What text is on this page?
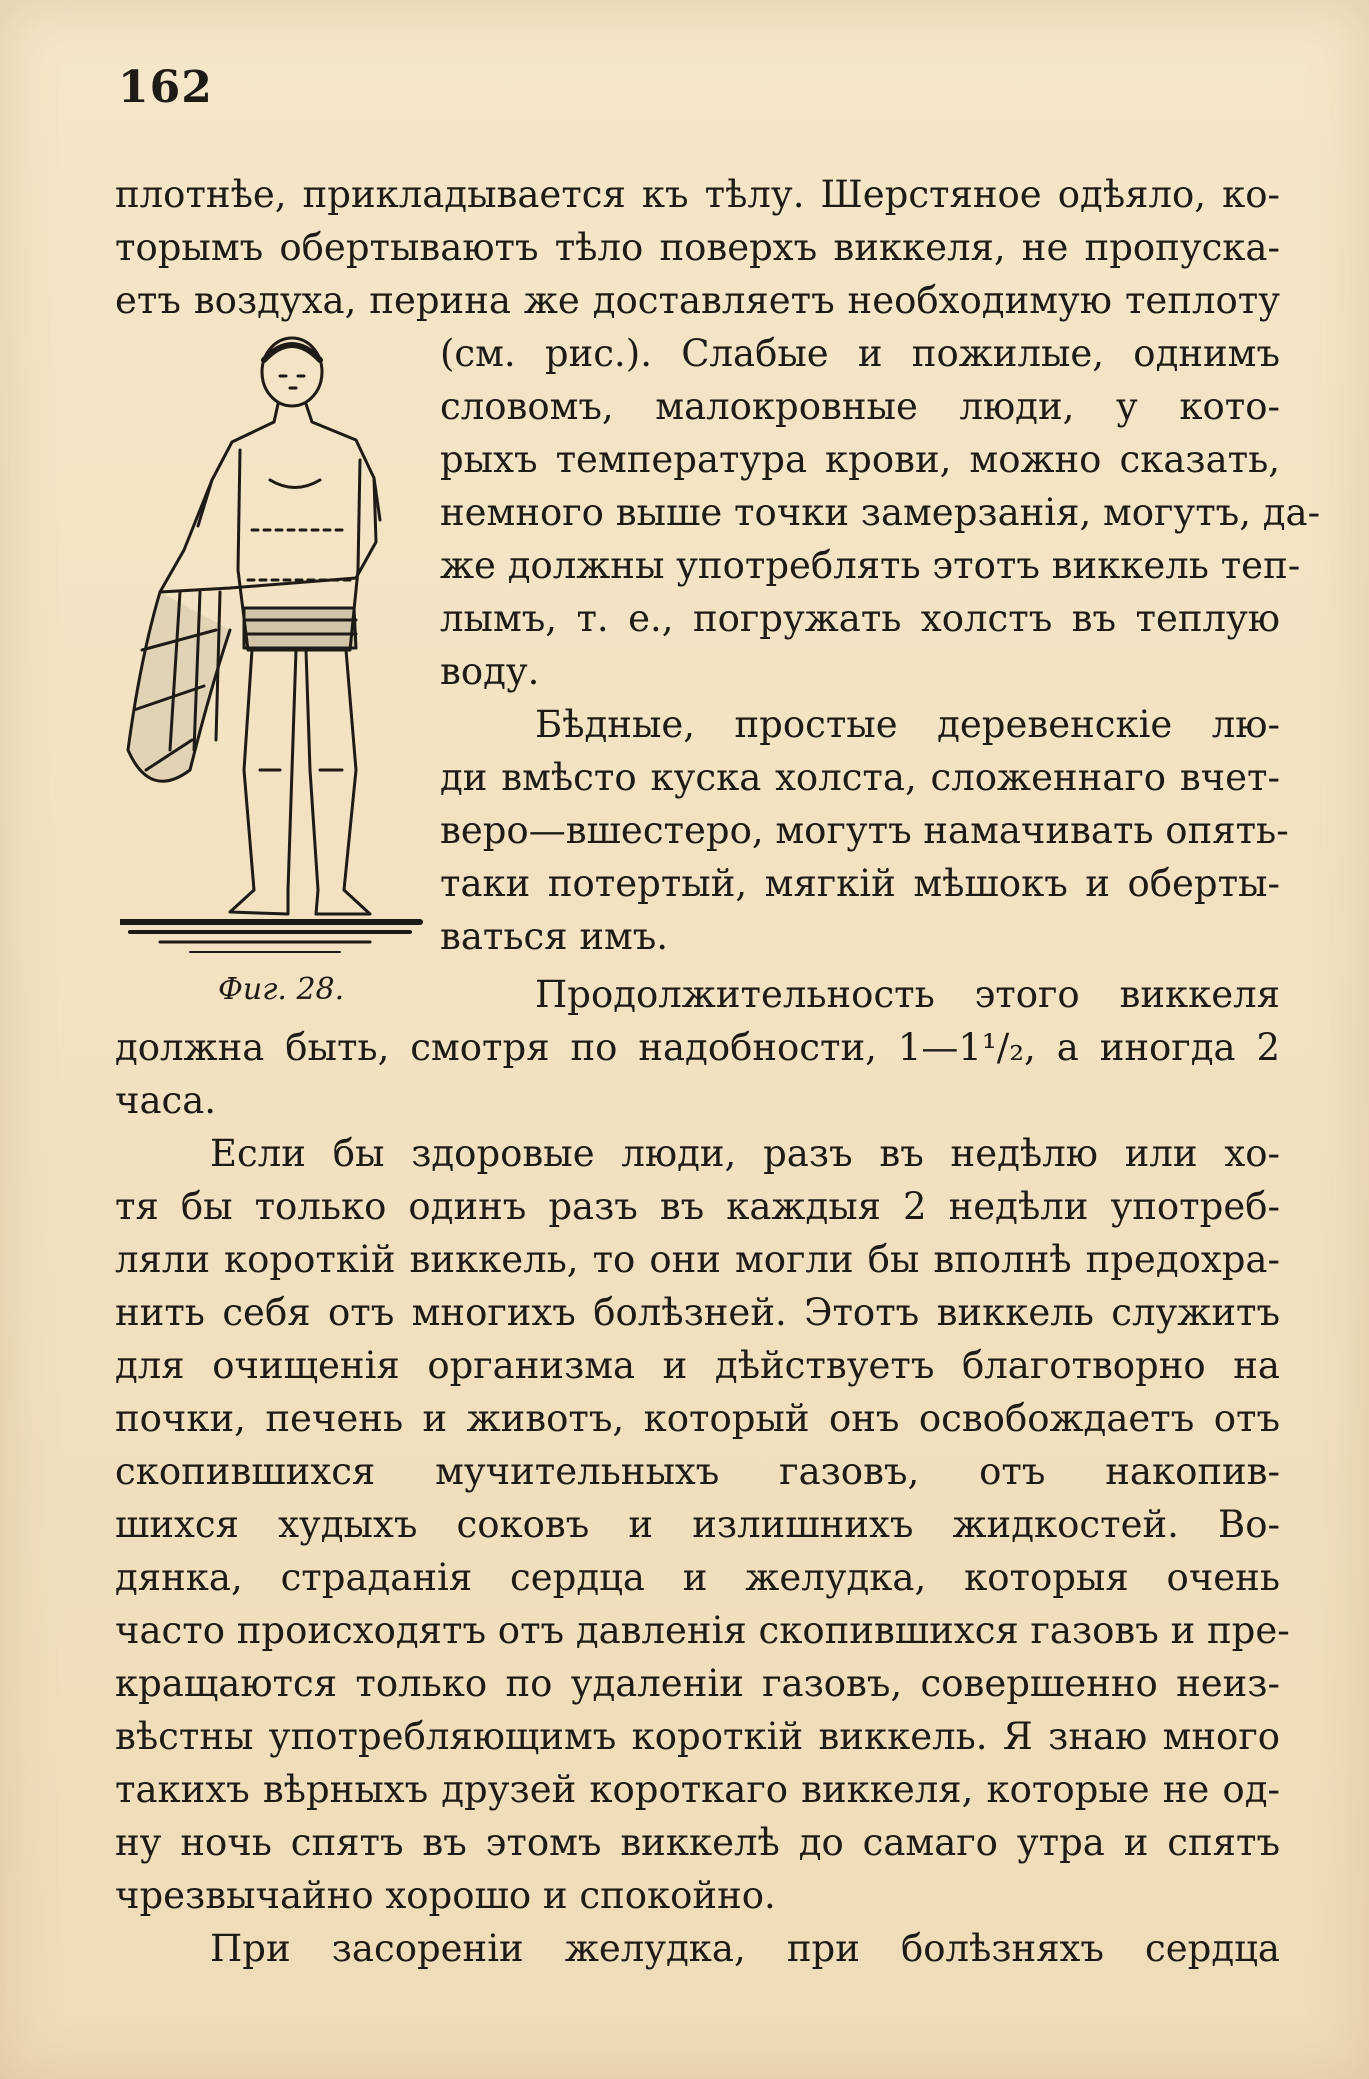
162
плотнѣе, прикладывается къ тѣлу. Шерстяное одѣяло, ко-
торымъ обертываютъ тѣло поверхъ виккеля, не пропуска-
етъ воздуха, перина же доставляетъ необходимую теплоту
(см. рис.). Слабые и пожилые, однимъ
словомъ, малокровные люди, у кото-
рыхъ температура крови, можно сказать,
немного выше точки замерзанія, могутъ, да-
же должны употреблять этотъ виккель теп-
лымъ, т. е., погружать холстъ въ теплую
воду.
Бѣдные, простые деревенскіе лю-
ди вмѣсто куска холста, сложеннаго вчет-
веро—вшестеро, могутъ намачивать опять-
таки потертый, мягкій мѣшокъ и оберты-
ваться имъ.
Фиг. 28.	Продолжительность этого виккеля
должна быть, смотря по надобности, 1—1¹/₂, а иногда 2
часа.
Если бы здоровые люди, разъ въ недѣлю или хо-
тя бы только одинъ разъ въ каждыя 2 недѣли употреб-
ляли короткій виккель, то они могли бы вполнѣ предохра-
нить себя отъ многихъ болѣзней. Этотъ виккель служитъ
для очищенія организма и дѣйствуетъ благотворно на
почки, печень и животъ, который онъ освобождаетъ отъ
скопившихся мучительныхъ газовъ, отъ накопив-
шихся худыхъ соковъ и излишнихъ жидкостей. Во-
дянка, страданія сердца и желудка, которыя очень
часто происходятъ отъ давленія скопившихся газовъ и пре-
кращаются только по удаленіи газовъ, совершенно неиз-
вѣстны употребляющимъ короткій виккель. Я знаю много
такихъ вѣрныхъ друзей короткаго виккеля, которые не од-
ну ночь спятъ въ этомъ виккелѣ до самаго утра и спятъ
чрезвычайно хорошо и спокойно.
При засореніи желудка, при болѣзняхъ сердца
